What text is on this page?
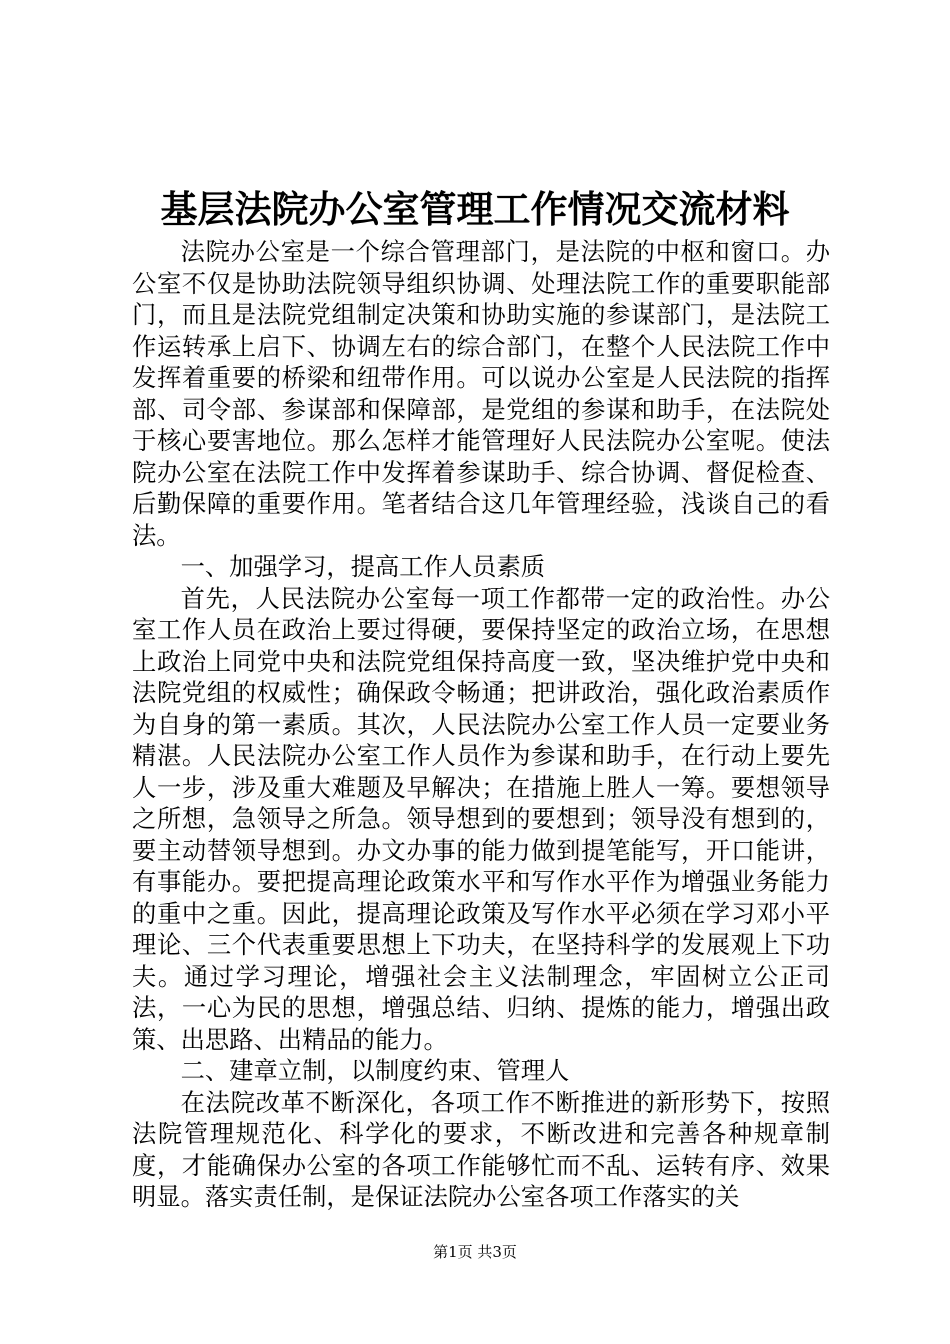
基层法院办公室管理工作情况交流材料

法院办公室是一个综合管理部门，是法院的中枢和窗口。办公室不仅是协助法院领导组织协调、处理法院工作的重要职能部门，而且是法院党组制定决策和协助实施的参谋部门，是法院工作运转承上启下、协调左右的综合部门，在整个人民法院工作中发挥着重要的桥梁和纽带作用。可以说办公室是人民法院的指挥部、司令部、参谋部和保障部，是党组的参谋和助手，在法院处于核心要害地位。那么怎样才能管理好人民法院办公室呢。使法院办公室在法院工作中发挥着参谋助手、综合协调、督促检查、后勤保障的重要作用。笔者结合这几年管理经验，浅谈自己的看法。

一、加强学习，提高工作人员素质

首先，人民法院办公室每一项工作都带一定的政治性。办公室工作人员在政治上要过得硬，要保持坚定的政治立场，在思想上政治上同党中央和法院党组保持高度一致，坚决维护党中央和法院党组的权威性；确保政令畅通；把讲政治，强化政治素质作为自身的第一素质。其次，人民法院办公室工作人员一定要业务精湛。人民法院办公室工作人员作为参谋和助手，在行动上要先人一步，涉及重大难题及早解决；在措施上胜人一筹。要想领导之所想，急领导之所急。领导想到的要想到；领导没有想到的，要主动替领导想到。办文办事的能力做到提笔能写，开口能讲，有事能办。要把提高理论政策水平和写作水平作为增强业务能力的重中之重。因此，提高理论政策及写作水平必须在学习邓小平理论、三个代表重要思想上下功夫，在坚持科学的发展观上下功夫。通过学习理论，增强社会主义法制理念，牢固树立公正司法，一心为民的思想，增强总结、归纳、提炼的能力，增强出政策、出思路、出精品的能力。

二、建章立制，以制度约束、管理人

在法院改革不断深化，各项工作不断推进的新形势下，按照法院管理规范化、科学化的要求，不断改进和完善各种规章制度，才能确保办公室的各项工作能够忙而不乱、运转有序、效果明显。落实责任制，是保证法院办公室各项工作落实的关

第1页 共3页
